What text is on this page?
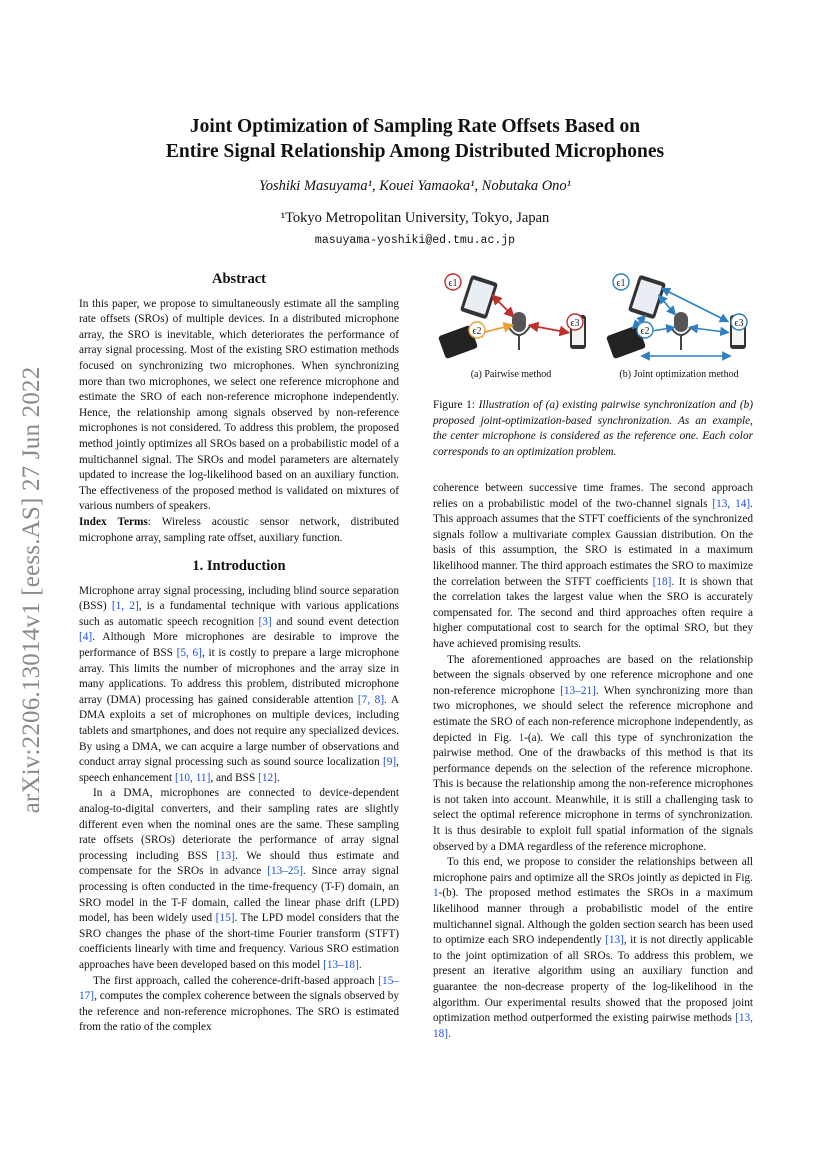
arXiv:2206.13014v1 [eess.AS] 27 Jun 2022
Joint Optimization of Sampling Rate Offsets Based on
Entire Signal Relationship Among Distributed Microphones
Yoshiki Masuyama¹, Kouei Yamaoka¹, Nobutaka Ono¹
¹Tokyo Metropolitan University, Tokyo, Japan
masuyama-yoshiki@ed.tmu.ac.jp
Abstract

In this paper, we propose to simultaneously estimate all the sampling rate offsets (SROs) of multiple devices. In a distributed microphone array, the SRO is inevitable, which deteriorates the performance of array signal processing. Most of the existing SRO estimation methods focused on synchronizing two microphones. When synchronizing more than two microphones, we select one reference microphone and estimate the SRO of each non-reference microphone independently. Hence, the relationship among signals observed by non-reference microphones is not considered. To address this problem, the proposed method jointly optimizes all SROs based on a probabilistic model of a multichannel signal. The SROs and model parameters are alternately updated to increase the log-likelihood based on an auxiliary function. The effectiveness of the proposed method is validated on mixtures of various numbers of speakers.

Index Terms: Wireless acoustic sensor network, distributed microphone array, sampling rate offset, auxiliary function.

1. Introduction

Microphone array signal processing, including blind source separation (BSS) [1, 2], is a fundamental technique with various applications such as automatic speech recognition [3] and sound event detection [4]. Although More microphones are desirable to improve the performance of BSS [5, 6], it is costly to prepare a large microphone array. This limits the number of microphones and the array size in many applications. To address this problem, distributed microphone array (DMA) processing has gained considerable attention [7, 8]. A DMA exploits a set of microphones on multiple devices, including tablets and smartphones, and does not require any specialized devices. By using a DMA, we can acquire a large number of observations and conduct array signal processing such as sound source localization [9], speech enhancement [10, 11], and BSS [12].

In a DMA, microphones are connected to device-dependent analog-to-digital converters, and their sampling rates are slightly different even when the nominal ones are the same. These sampling rate offsets (SROs) deteriorate the performance of array signal processing including BSS [13]. We should thus estimate and compensate for the SROs in advance [13–25]. Since array signal processing is often conducted in the time-frequency (T-F) domain, an SRO model in the T-F domain, called the linear phase drift (LPD) model, has been widely used [15]. The LPD model considers that the SRO changes the phase of the short-time Fourier transform (STFT) coefficients linearly with time and frequency. Various SRO estimation approaches have been developed based on this model [13–18].

The first approach, called the coherence-drift-based approach [15–17], computes the complex coherence between the signals observed by the reference and non-reference microphones. The SRO is estimated from the ratio of the complex

ϵ1
ϵ2
ϵ3
(a) Pairwise method
ϵ1
ϵ2
ϵ3
(b) Joint optimization method
Figure 1: Illustration of (a) existing pairwise synchronization and (b) proposed joint-optimization-based synchronization. As an example, the center microphone is considered as the reference one. Each color corresponds to an optimization problem.

coherence between successive time frames. The second approach relies on a probabilistic model of the two-channel signals [13, 14]. This approach assumes that the STFT coefficients of the synchronized signals follow a multivariate complex Gaussian distribution. On the basis of this assumption, the SRO is estimated in a maximum likelihood manner. The third approach estimates the SRO to maximize the correlation between the STFT coefficients [18]. It is shown that the correlation takes the largest value when the SRO is accurately compensated for. The second and third approaches often require a higher computational cost to search for the optimal SRO, but they have achieved promising results.

The aforementioned approaches are based on the relationship between the signals observed by one reference microphone and one non-reference microphone [13–21]. When synchronizing more than two microphones, we should select the reference microphone and estimate the SRO of each non-reference microphone independently, as depicted in Fig. 1-(a). We call this type of synchronization the pairwise method. One of the drawbacks of this method is that its performance depends on the selection of the reference microphone. This is because the relationship among the non-reference microphones is not taken into account. Meanwhile, it is still a challenging task to select the optimal reference microphone in terms of synchronization. It is thus desirable to exploit full spatial information of the signals observed by a DMA regardless of the reference microphone.

To this end, we propose to consider the relationships between all microphone pairs and optimize all the SROs jointly as depicted in Fig. 1-(b). The proposed method estimates the SROs in a maximum likelihood manner through a probabilistic model of the entire multichannel signal. Although the golden section search has been used to optimize each SRO independently [13], it is not directly applicable to the joint optimization of all SROs. To address this problem, we present an iterative algorithm using an auxiliary function and guarantee the non-decrease property of the log-likelihood in the algorithm. Our experimental results showed that the proposed joint optimization method outperformed the existing pairwise methods [13, 18].
